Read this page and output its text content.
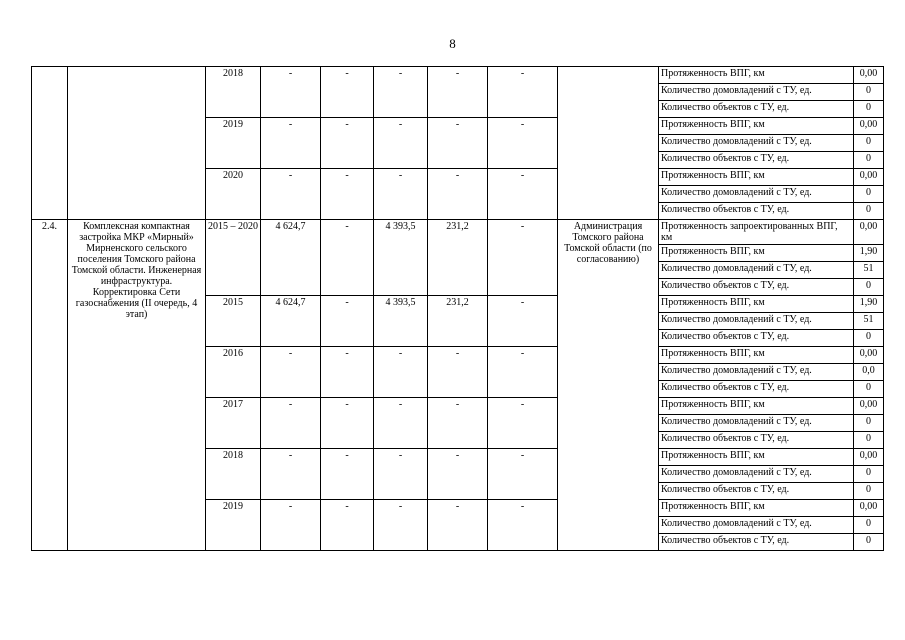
8
		2018	-	-	-	-	-		Протяженность ВПГ, км	0,00
									Количество домовладений с ТУ, ед.	0
									Количество объектов с ТУ, ед.	0
		2019	-	-	-	-	-		Протяженность ВПГ, км	0,00
									Количество домовладений с ТУ, ед.	0
									Количество объектов с ТУ, ед.	0
		2020	-	-	-	-	-		Протяженность ВПГ, км	0,00
									Количество домовладений с ТУ, ед.	0
									Количество объектов с ТУ, ед.	0
2.4.	Комплексная компактная застройка МКР «Мирный» Мирненского сельского поселения Томского района Томской области. Инженерная инфраструктура. Корректировка Сети газоснабжения (II очередь, 4 этап)	2015 – 2020	4 624,7	-	4 393,5	231,2	-	Администрация Томского района Томской области (по согласованию)	Протяженность запроектированных ВПГ, км	0,00
									Протяженность ВПГ, км	1,90
									Количество домовладений с ТУ, ед.	51
									Количество объектов с ТУ, ед.	0
		2015	4 624,7	-	4 393,5	231,2	-		Протяженность ВПГ, км	1,90
									Количество домовладений с ТУ, ед.	51
									Количество объектов с ТУ, ед.	0
		2016	-	-	-	-	-		Протяженность ВПГ, км	0,00
									Количество домовладений с ТУ, ед.	0,0
									Количество объектов с ТУ, ед.	0
		2017	-	-	-	-	-		Протяженность ВПГ, км	0,00
									Количество домовладений с ТУ, ед.	0
									Количество объектов с ТУ, ед.	0
		2018	-	-	-	-	-		Протяженность ВПГ, км	0,00
									Количество домовладений с ТУ, ед.	0
									Количество объектов с ТУ, ед.	0
		2019	-	-	-	-	-		Протяженность ВПГ, км	0,00
									Количество домовладений с ТУ, ед.	0
									Количество объектов с ТУ, ед.	0
